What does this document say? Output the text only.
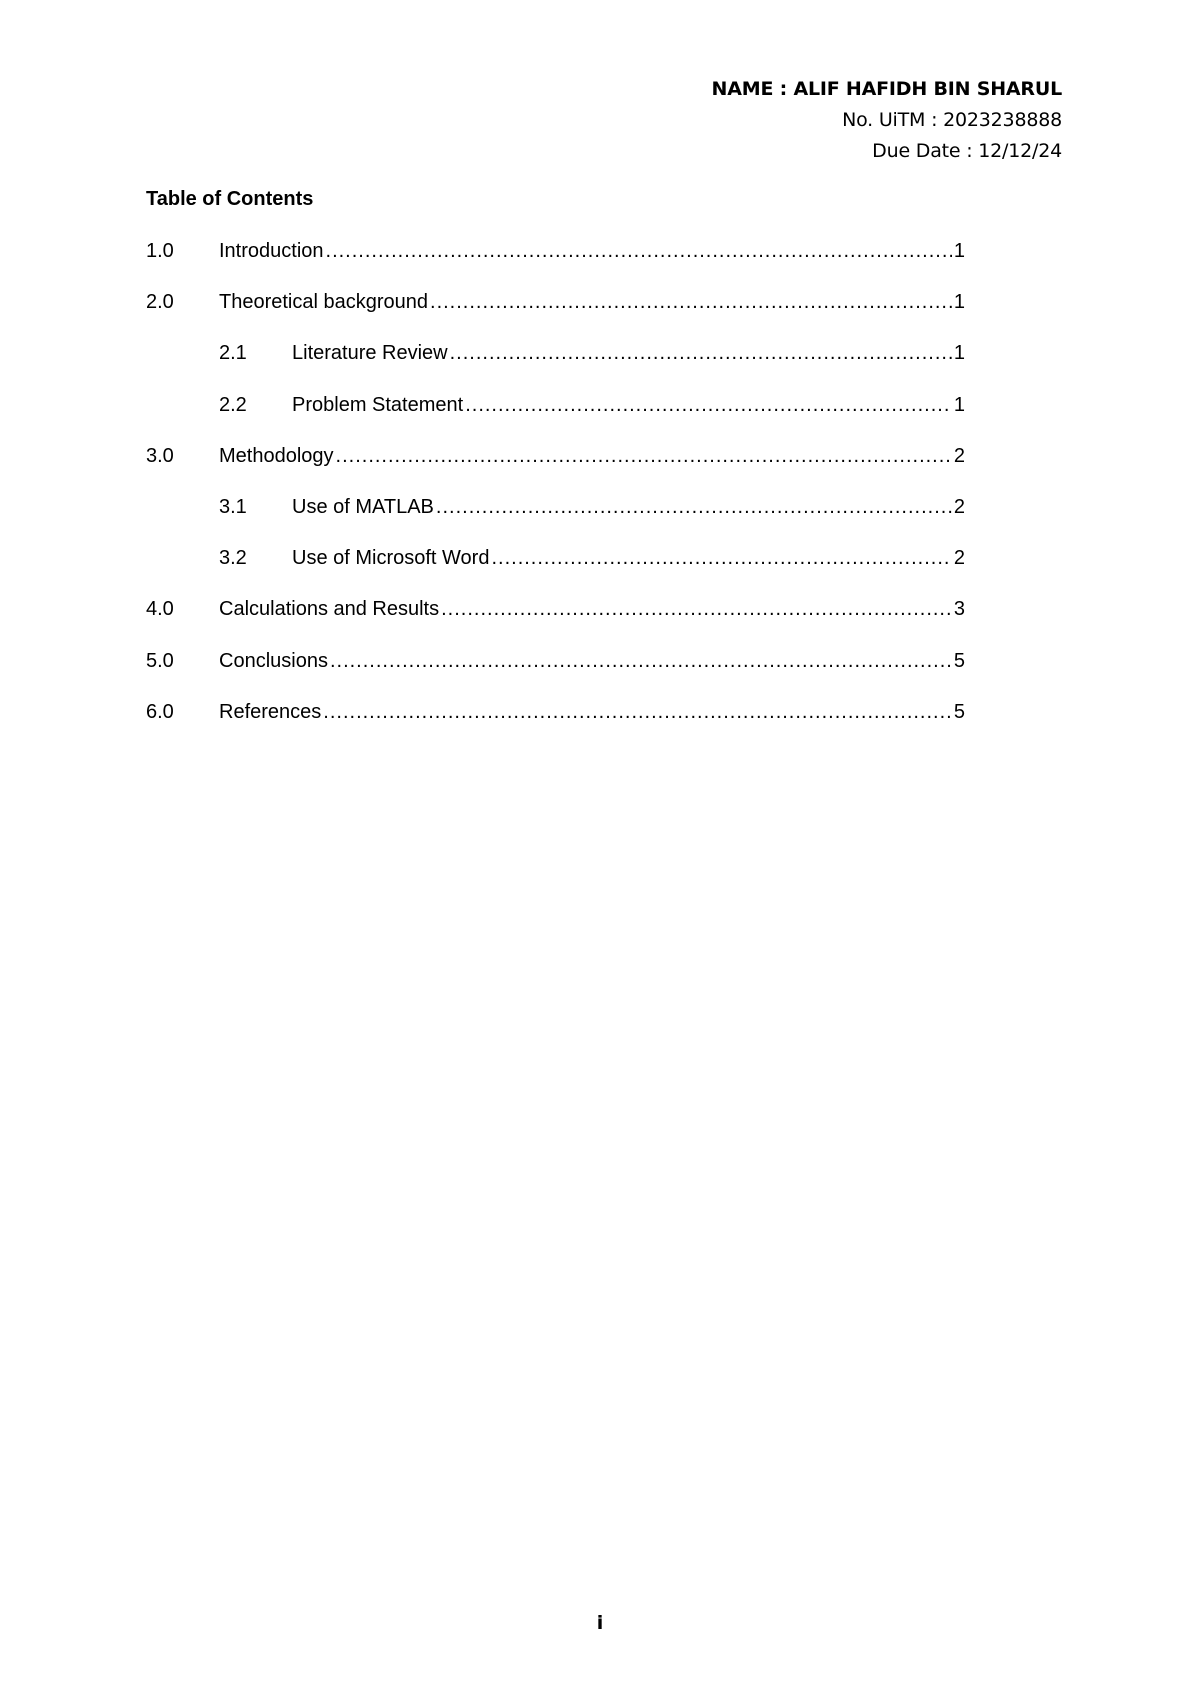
NAME : ALIF HAFIDH BIN SHARUL
No. UiTM : 2023238888
Due Date : 12/12/24
Table of Contents
1.0	Introduction .....	1
2.0	Theoretical background .....	1
2.1	Literature Review .....	1
2.2	Problem Statement .....	1
3.0	Methodology .....	2
3.1	Use of MATLAB .....	2
3.2	Use of Microsoft Word .....	2
4.0	Calculations and Results .....	3
5.0	Conclusions .....	5
6.0	References .....	5
i
